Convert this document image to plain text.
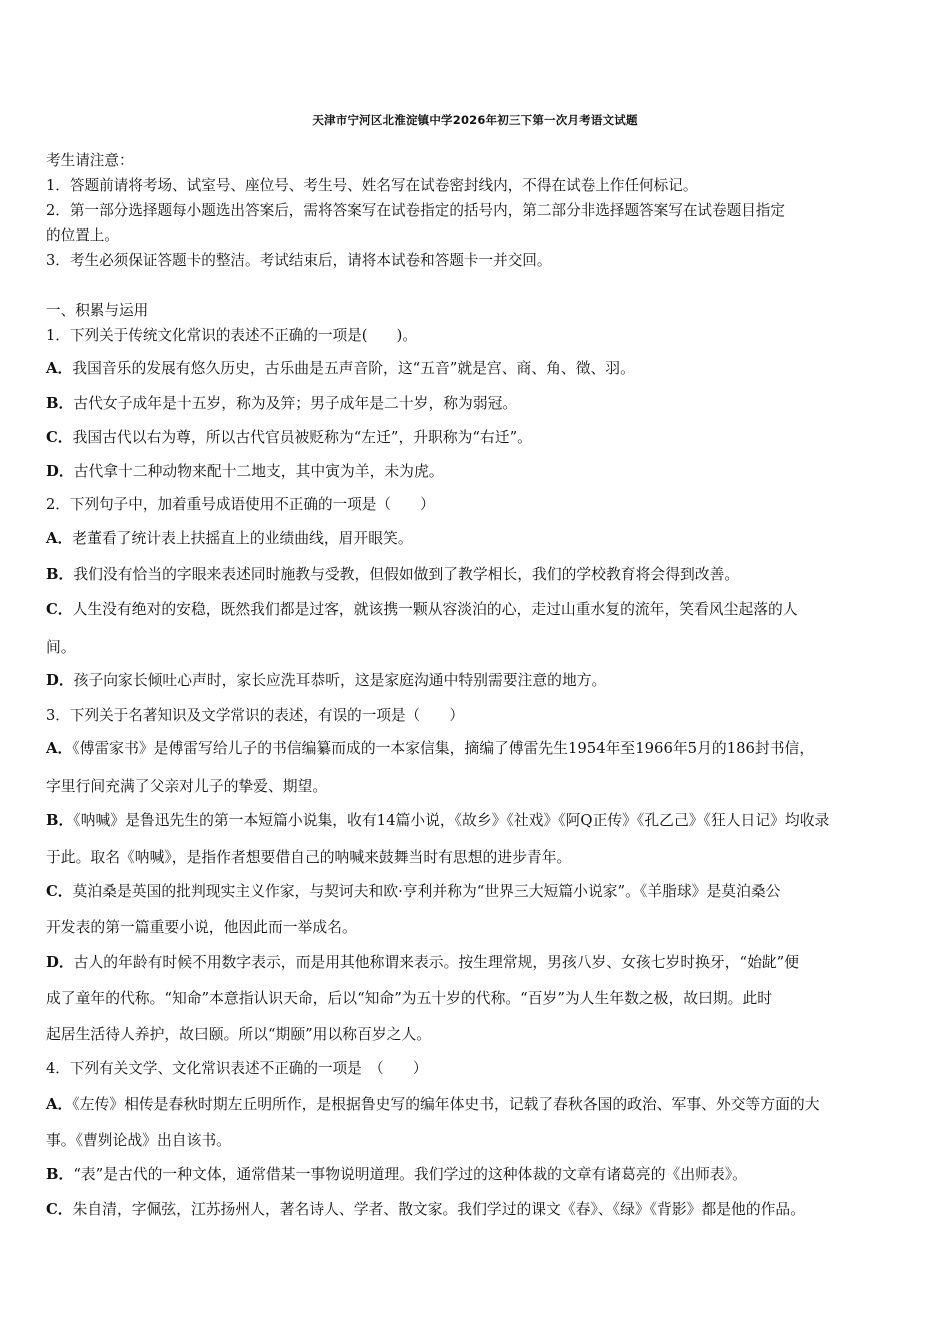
天津市宁河区北淮淀镇中学2026年初三下第一次月考语文试题

考生请注意：

1．答题前请将考场、试室号、座位号、考生号、姓名写在试卷密封线内，不得在试卷上作任何标记。

2．第一部分选择题每小题选出答案后，需将答案写在试卷指定的括号内，第二部分非选择题答案写在试卷题目指定

的位置上。

3．考生必须保证答题卡的整洁。考试结束后，请将本试卷和答题卡一并交回。

一、积累与运用

1．下列关于传统文化常识的表述不正确的一项是(　　)。

A．我国音乐的发展有悠久历史，古乐曲是五声音阶，这“五音”就是宫、商、角、徵、羽。

B．古代女子成年是十五岁，称为及笄；男子成年是二十岁，称为弱冠。

C．我国古代以右为尊，所以古代官员被贬称为“左迁”，升职称为“右迁”。

D．古代拿十二种动物来配十二地支，其中寅为羊，未为虎。

2．下列句子中，加着重号成语使用不正确的一项是（　　）

A．老董看了统计表上扶摇直上的业绩曲线，眉开眼笑。

B．我们没有恰当的字眼来表述同时施教与受教，但假如做到了教学相长，我们的学校教育将会得到改善。

C．人生没有绝对的安稳，既然我们都是过客，就该携一颗从容淡泊的心，走过山重水复的流年，笑看风尘起落的人

间。

D．孩子向家长倾吐心声时，家长应洗耳恭听，这是家庭沟通中特别需要注意的地方。

3．下列关于名著知识及文学常识的表述，有误的一项是（　　）

A．《傅雷家书》是傅雷写给儿子的书信编纂而成的一本家信集，摘编了傅雷先生1954年至1966年5月的186封书信，

字里行间充满了父亲对儿子的挚爱、期望。

B．《呐喊》是鲁迅先生的第一本短篇小说集，收有14篇小说，《故乡》《社戏》《阿Q正传》《孔乙己》《狂人日记》均收录

于此。取名《呐喊》，是指作者想要借自己的呐喊来鼓舞当时有思想的进步青年。

C．莫泊桑是英国的批判现实主义作家，与契诃夫和欧·亨利并称为“世界三大短篇小说家”。《羊脂球》是莫泊桑公

开发表的第一篇重要小说，他因此而一举成名。

D．古人的年龄有时候不用数字表示，而是用其他称谓来表示。按生理常规，男孩八岁、女孩七岁时换牙，“始龀”便

成了童年的代称。“知命”本意指认识天命，后以“知命”为五十岁的代称。“百岁”为人生年数之极，故曰期。此时

起居生活待人养护，故曰颐。所以“期颐”用以称百岁之人。

4．下列有关文学、文化常识表述不正确的一项是　（　　）

A．《左传》相传是春秋时期左丘明所作，是根据鲁史写的编年体史书，记载了春秋各国的政治、军事、外交等方面的大

事。《曹刿论战》出自该书。

B．“表”是古代的一种文体，通常借某一事物说明道理。我们学过的这种体裁的文章有诸葛亮的《出师表》。

C．朱自清，字佩弦，江苏扬州人，著名诗人、学者、散文家。我们学过的课文《春》、《绿》《背影》都是他的作品。
